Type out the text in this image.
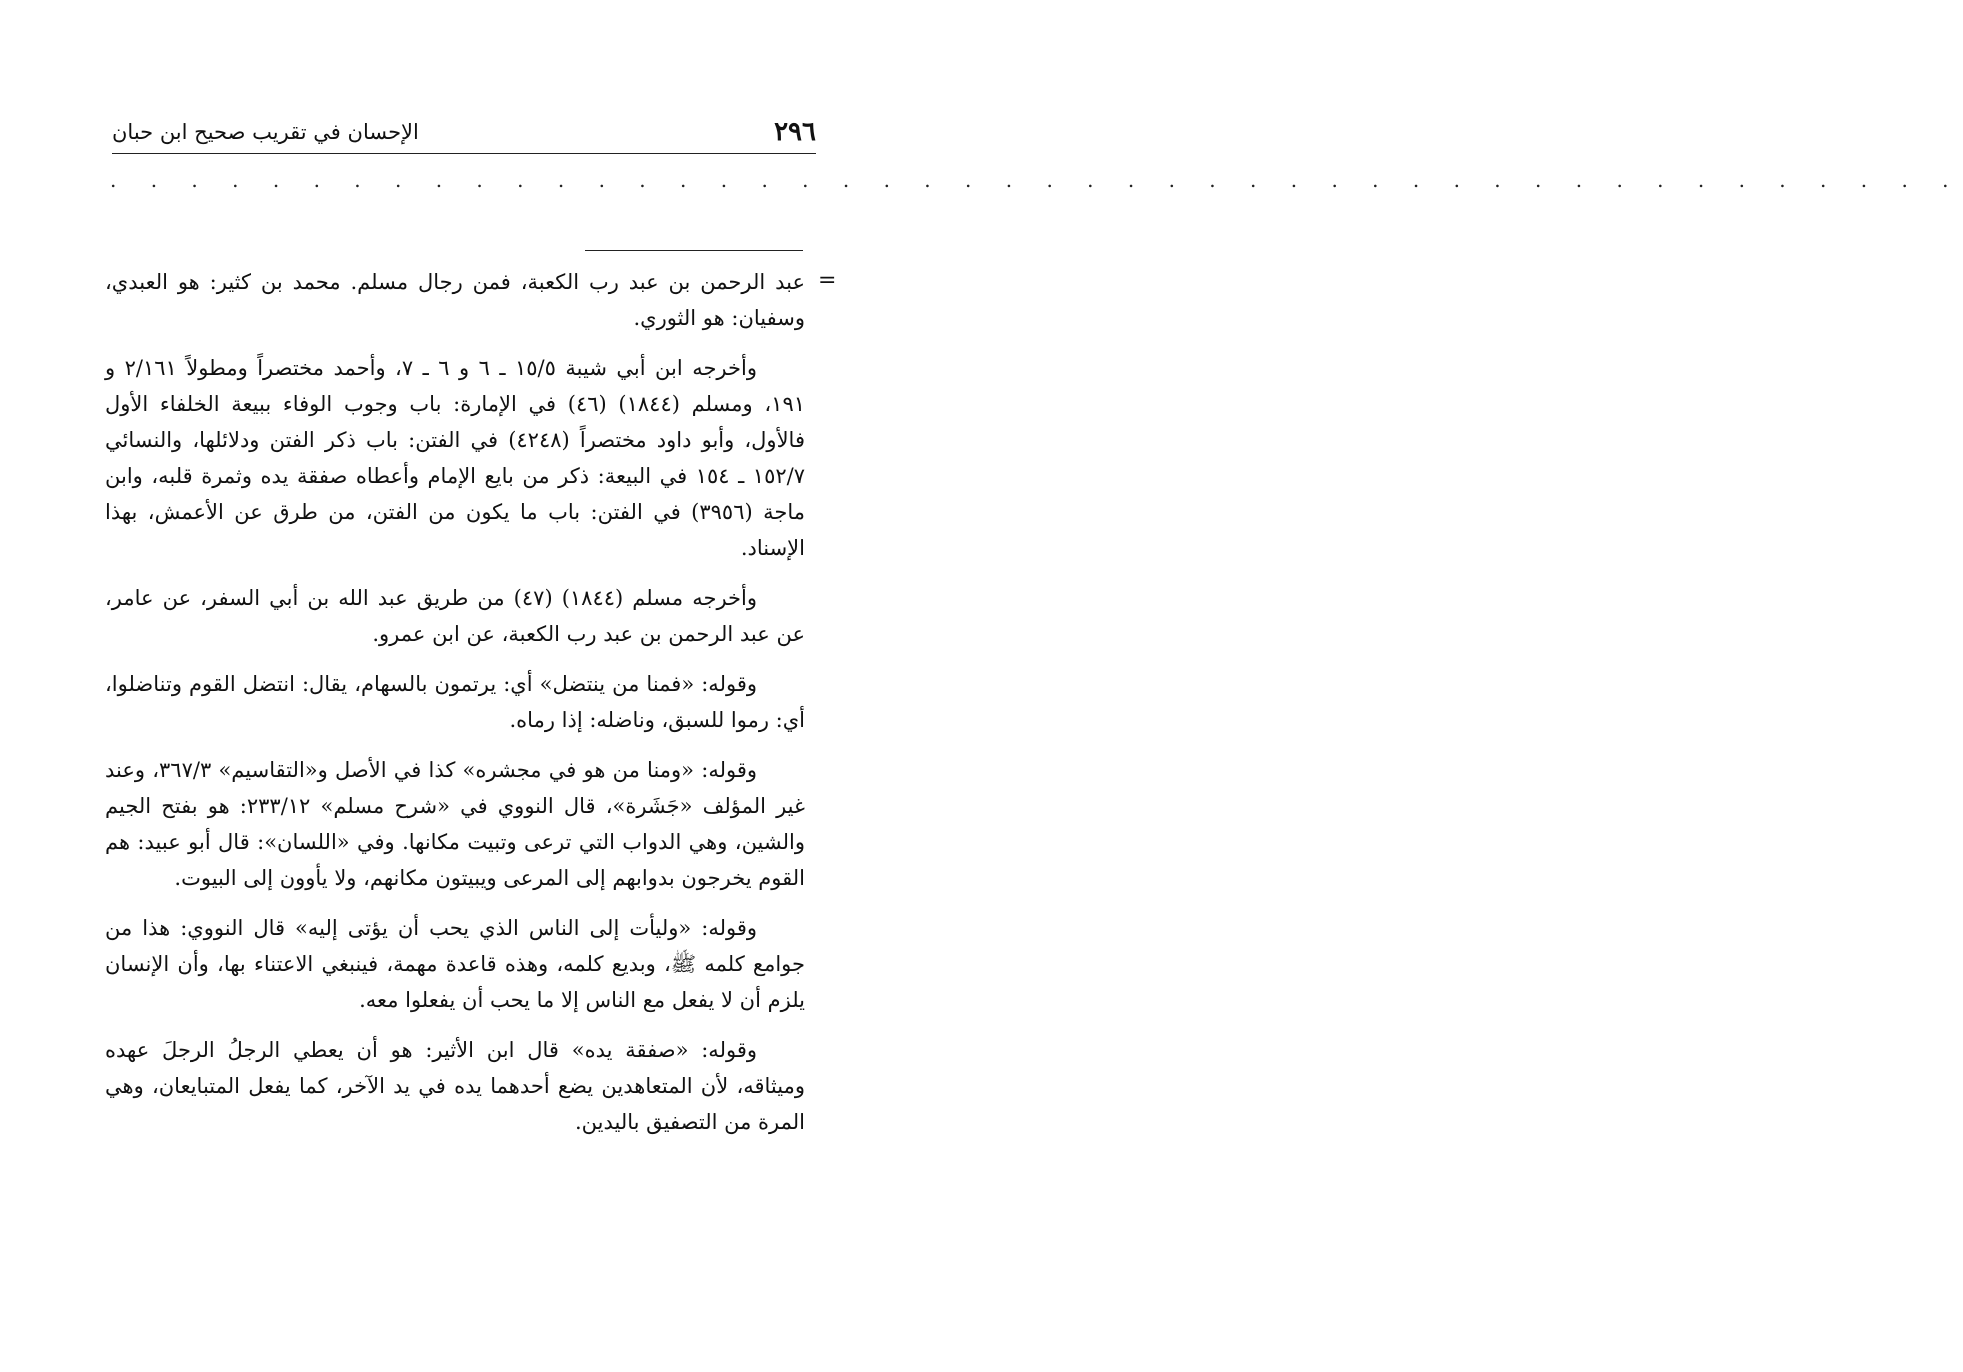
٢٩٦
الإحسان في تقريب صحيح ابن حبان
. . . . . . . . . . . . . . . . . . . . . . . . . . . . . . . . . . . . . . . . . . . . . .
=

عبد الرحمن بن عبد رب الكعبة، فمن رجال مسلم. محمد بن كثير: هو العبدي، وسفيان: هو الثوري.

وأخرجه ابن أبي شيبة ١٥/٥ ـ ٦ و ٦ ـ ٧، وأحمد مختصراً ومطولاً ٢/١٦١ و ١٩١، ومسلم (١٨٤٤) (٤٦) في الإمارة: باب وجوب الوفاء ببيعة الخلفاء الأول فالأول، وأبو داود مختصراً (٤٢٤٨) في الفتن: باب ذكر الفتن ودلائلها، والنسائي ١٥٢/٧ ـ ١٥٤ في البيعة: ذكر من بايع الإمام وأعطاه صفقة يده وثمرة قلبه، وابن ماجة (٣٩٥٦) في الفتن: باب ما يكون من الفتن، من طرق عن الأعمش، بهذا الإسناد.

وأخرجه مسلم (١٨٤٤) (٤٧) من طريق عبد الله بن أبي السفر، عن عامر، عن عبد الرحمن بن عبد رب الكعبة، عن ابن عمرو.

وقوله: «فمنا من ينتضل» أي: يرتمون بالسهام، يقال: انتضل القوم وتناضلوا، أي: رموا للسبق، وناضله: إذا رماه.

وقوله: «ومنا من هو في مجشره» كذا في الأصل و«التقاسيم» ٣٦٧/٣، وعند غير المؤلف «جَشَرة»، قال النووي في «شرح مسلم» ٢٣٣/١٢: هو بفتح الجيم والشين، وهي الدواب التي ترعى وتبيت مكانها. وفي «اللسان»: قال أبو عبيد: هم القوم يخرجون بدوابهم إلى المرعى ويبيتون مكانهم، ولا يأوون إلى البيوت.

وقوله: «وليأت إلى الناس الذي يحب أن يؤتى إليه» قال النووي: هذا من جوامع كلمه ﷺ، وبديع كلمه، وهذه قاعدة مهمة، فينبغي الاعتناء بها، وأن الإنسان يلزم أن لا يفعل مع الناس إلا ما يحب أن يفعلوا معه.

وقوله: «صفقة يده» قال ابن الأثير: هو أن يعطي الرجلُ الرجلَ عهده وميثاقه، لأن المتعاهدين يضع أحدهما يده في يد الآخر، كما يفعل المتبايعان، وهي المرة من التصفيق باليدين.
